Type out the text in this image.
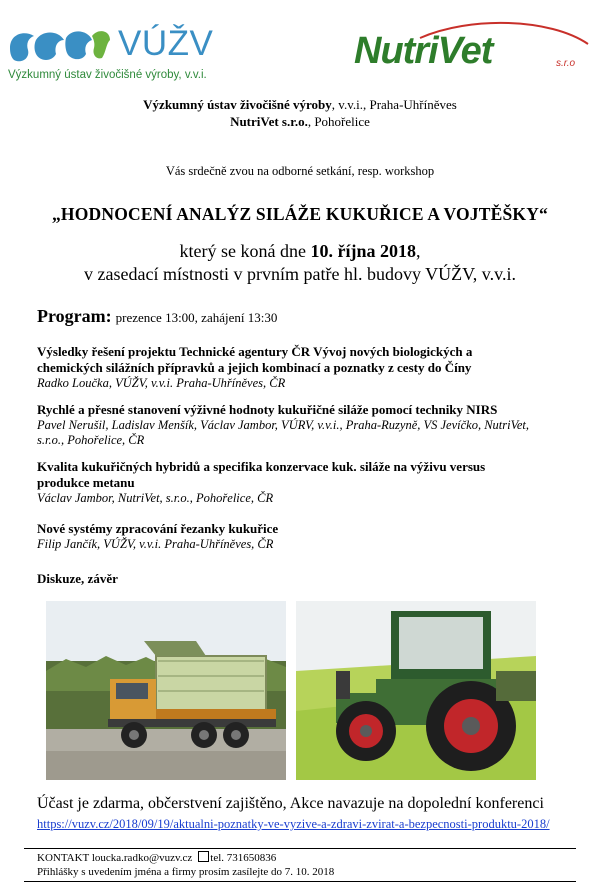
VÚŽV
Výzkumný ústav živočišné výroby, v.v.i.
NutriVet	s.r.o
Výzkumný ústav živočišné výroby, v.v.i., Praha-Uhříněves
NutriVet s.r.o., Pohořelice
Vás srdečně zvou na odborné setkání, resp. workshop
„HODNOCENÍ ANALÝZ SILÁŽE KUKUŘICE A VOJTĚŠKY“
který se koná dne 10. října 2018,
v zasedací místnosti v prvním patře hl. budovy VÚŽV, v.v.i.
Program: prezence 13:00, zahájení 13:30
Výsledky řešení projektu Technické agentury ČR Vývoj nových biologických a
chemických silážních přípravků a jejich kombinací a poznatky z cesty do Číny
Radko Loučka, VÚŽV, v.v.i. Praha-Uhříněves, ČR
Rychlé a přesné stanovení výživné hodnoty kukuřičné siláže pomocí techniky NIRS
Pavel Nerušil, Ladislav Menšík, Václav Jambor, VÚRV, v.v.i., Praha-Ruzyně, VS Jevíčko, NutriVet,
s.r.o., Pohořelice, ČR
Kvalita kukuřičných hybridů a specifika konzervace kuk. siláže na výživu versus
produkce metanu
Václav Jambor, NutriVet, s.r.o., Pohořelice, ČR
Nové systémy zpracování řezanky kukuřice
Filip Jančík, VÚŽV, v.v.i. Praha-Uhříněves, ČR
Diskuze, závěr
Účast je zdarma, občerstvení zajištěno, Akce navazuje na dopolední konferenci
https://vuzv.cz/2018/09/19/aktualni-poznatky-ve-vyzive-a-zdravi-zvirat-a-bezpecnosti-produktu-2018/
KONTAKT loucka.radko@vuzv.cz tel. 731650836
Přihlášky s uvedením jména a firmy prosím zasílejte do 7. 10. 2018
